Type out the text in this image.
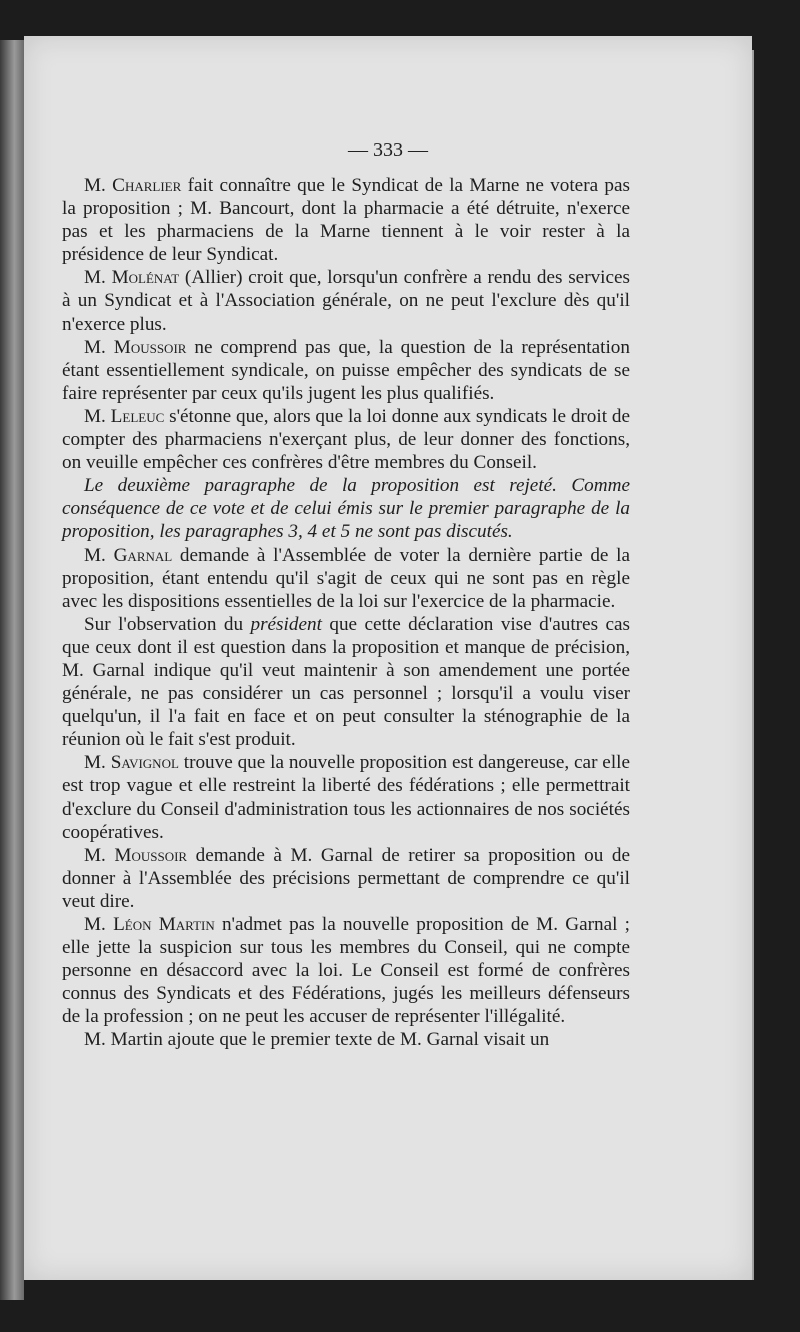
— 333 —

M. Charlier fait connaître que le Syndicat de la Marne ne votera pas la proposition ; M. Bancourt, dont la pharmacie a été détruite, n'exerce pas et les pharmaciens de la Marne tiennent à le voir rester à la présidence de leur Syndicat.

M. Molénat (Allier) croit que, lorsqu'un confrère a rendu des services à un Syndicat et à l'Association générale, on ne peut l'exclure dès qu'il n'exerce plus.

M. Moussoir ne comprend pas que, la question de la représentation étant essentiellement syndicale, on puisse empêcher des syndicats de se faire représenter par ceux qu'ils jugent les plus qualifiés.

M. Leleuc s'étonne que, alors que la loi donne aux syndicats le droit de compter des pharmaciens n'exerçant plus, de leur donner des fonctions, on veuille empêcher ces confrères d'être membres du Conseil.

Le deuxième paragraphe de la proposition est rejeté. Comme conséquence de ce vote et de celui émis sur le premier paragraphe de la proposition, les paragraphes 3, 4 et 5 ne sont pas discutés.

M. Garnal demande à l'Assemblée de voter la dernière partie de la proposition, étant entendu qu'il s'agit de ceux qui ne sont pas en règle avec les dispositions essentielles de la loi sur l'exercice de la pharmacie.

Sur l'observation du président que cette déclaration vise d'autres cas que ceux dont il est question dans la proposition et manque de précision, M. Garnal indique qu'il veut maintenir à son amendement une portée générale, ne pas considérer un cas personnel ; lorsqu'il a voulu viser quelqu'un, il l'a fait en face et on peut consulter la sténographie de la réunion où le fait s'est produit.

M. Savignol trouve que la nouvelle proposition est dangereuse, car elle est trop vague et elle restreint la liberté des fédérations ; elle permettrait d'exclure du Conseil d'administration tous les actionnaires de nos sociétés coopératives.

M. Moussoir demande à M. Garnal de retirer sa proposition ou de donner à l'Assemblée des précisions permettant de comprendre ce qu'il veut dire.

M. Léon Martin n'admet pas la nouvelle proposition de M. Garnal ; elle jette la suspicion sur tous les membres du Conseil, qui ne compte personne en désaccord avec la loi. Le Conseil est formé de confrères connus des Syndicats et des Fédérations, jugés les meilleurs défenseurs de la profession ; on ne peut les accuser de représenter l'illégalité.

M. Martin ajoute que le premier texte de M. Garnal visait un
